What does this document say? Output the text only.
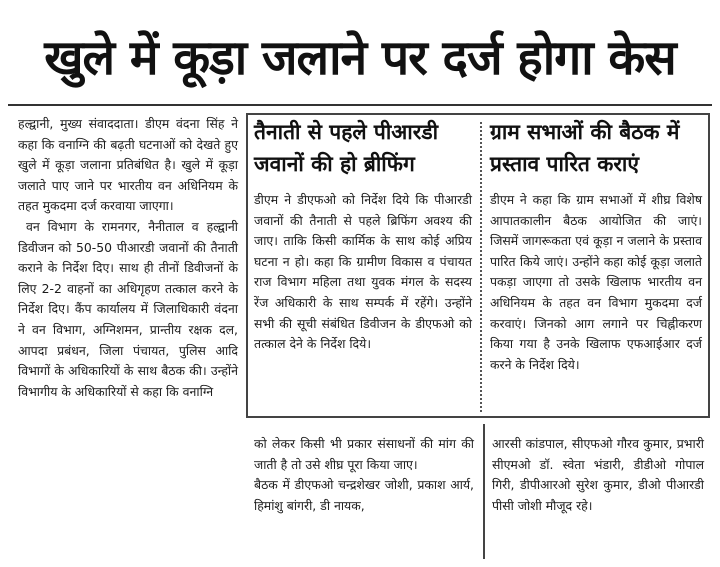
खुले में कूड़ा जलाने पर दर्ज होगा केस

हल्द्वानी, मुख्य संवाददाता। डीएम वंदना सिंह ने कहा कि वनाग्नि की बढ़ती घटनाओं को देखते हुए खुले में कूड़ा जलाना प्रतिबंधित है। खुले में कूड़ा जलाते पाए जाने पर भारतीय वन अधिनियम के तहत मुकदमा दर्ज करवाया जाएगा।

वन विभाग के रामनगर, नैनीताल व हल्द्वानी डिवीजन को 50-50 पीआरडी जवानों की तैनाती कराने के निर्देश दिए। साथ ही तीनों डिवीजनों के लिए 2-2 वाहनों का अधिगृहण तत्काल करने के निर्देश दिए। कैंप कार्यालय में जिलाधिकारी वंदना ने वन विभाग, अग्निशमन, प्रान्तीय रक्षक दल, आपदा प्रबंधन, जिला पंचायत, पुलिस आदि विभागों के अधिकारियों के साथ बैठक की। उन्होंने विभागीय के अधिकारियों से कहा कि वनाग्नि

तैनाती से पहले पीआरडी जवानों की हो ब्रीफिंग
डीएम ने डीएफओ को निर्देश दिये कि पीआरडी जवानों की तैनाती से पहले ब्रिफिंग अवश्य की जाए। ताकि किसी कार्मिक के साथ कोई अप्रिय घटना न हो। कहा कि ग्रामीण विकास व पंचायत राज विभाग महिला तथा युवक मंगल के सदस्य रेंज अधिकारी के साथ सम्पर्क में रहेंगे। उन्होंने सभी की सूची संबंधित डिवीजन के डीएफओ को तत्काल देने के निर्देश दिये।
ग्राम सभाओं की बैठक में प्रस्ताव पारित कराएं
डीएम ने कहा कि ग्राम सभाओं में शीघ्र विशेष आपातकालीन बैठक आयोजित की जाएं। जिसमें जागरूकता एवं कूड़ा न जलाने के प्रस्ताव पारित किये जाएं। उन्होंने कहा कोई कूड़ा जलाते पकड़ा जाएगा तो उसके खिलाफ भारतीय वन अधिनियम के तहत वन विभाग मुकदमा दर्ज करवाएं। जिनको आग लगाने पर चिह्नीकरण किया गया है उनके खिलाफ एफआईआर दर्ज करने के निर्देश दिये।

को लेकर किसी भी प्रकार संसाधनों की मांग की जाती है तो उसे शीघ्र पूरा किया जाए।

बैठक में डीएफओ चन्द्रशेखर जोशी, प्रकाश आर्य, हिमांशु बांगरी, डी नायक,

आरसी कांडपाल, सीएफओ गौरव कुमार, प्रभारी सीएमओ डॉ. स्वेता भंडारी, डीडीओ गोपाल गिरी, डीपीआरओ सुरेश कुमार, डीओ पीआरडी पीसी जोशी मौजूद रहे।
